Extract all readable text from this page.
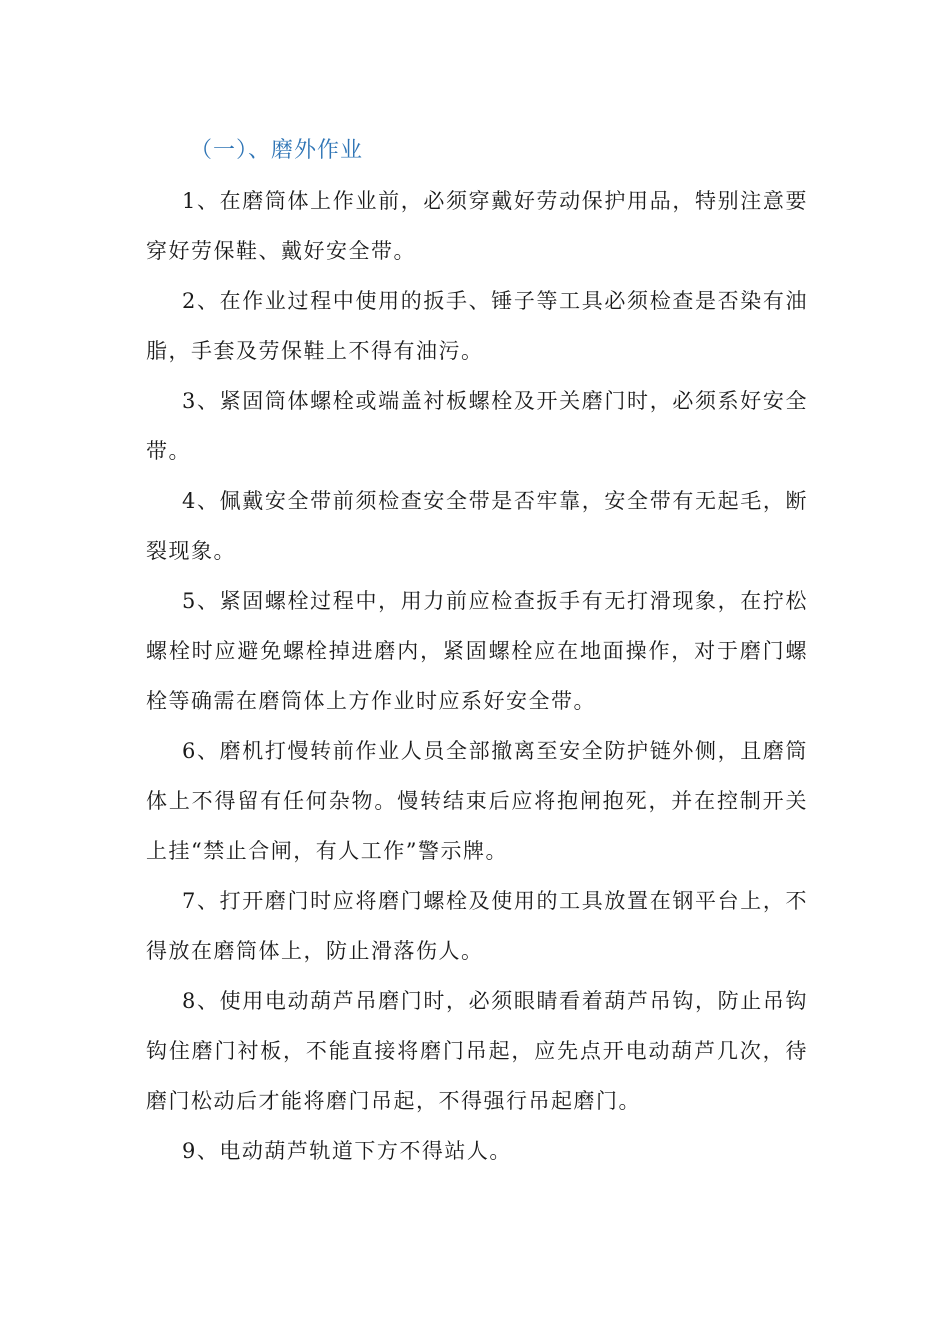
（一）、磨外作业

1、在磨筒体上作业前，必须穿戴好劳动保护用品，特别注意要穿好劳保鞋、戴好安全带。

2、在作业过程中使用的扳手、锤子等工具必须检查是否染有油脂，手套及劳保鞋上不得有油污。

3、紧固筒体螺栓或端盖衬板螺栓及开关磨门时，必须系好安全带。

4、佩戴安全带前须检查安全带是否牢靠，安全带有无起毛，断裂现象。

5、紧固螺栓过程中，用力前应检查扳手有无打滑现象，在拧松螺栓时应避免螺栓掉进磨内，紧固螺栓应在地面操作，对于磨门螺栓等确需在磨筒体上方作业时应系好安全带。

6、磨机打慢转前作业人员全部撤离至安全防护链外侧，且磨筒体上不得留有任何杂物。慢转结束后应将抱闸抱死，并在控制开关上挂“禁止合闸，有人工作”警示牌。

7、打开磨门时应将磨门螺栓及使用的工具放置在钢平台上，不得放在磨筒体上，防止滑落伤人。

8、使用电动葫芦吊磨门时，必须眼睛看着葫芦吊钩，防止吊钩钩住磨门衬板，不能直接将磨门吊起，应先点开电动葫芦几次，待磨门松动后才能将磨门吊起，不得强行吊起磨门。

9、电动葫芦轨道下方不得站人。
